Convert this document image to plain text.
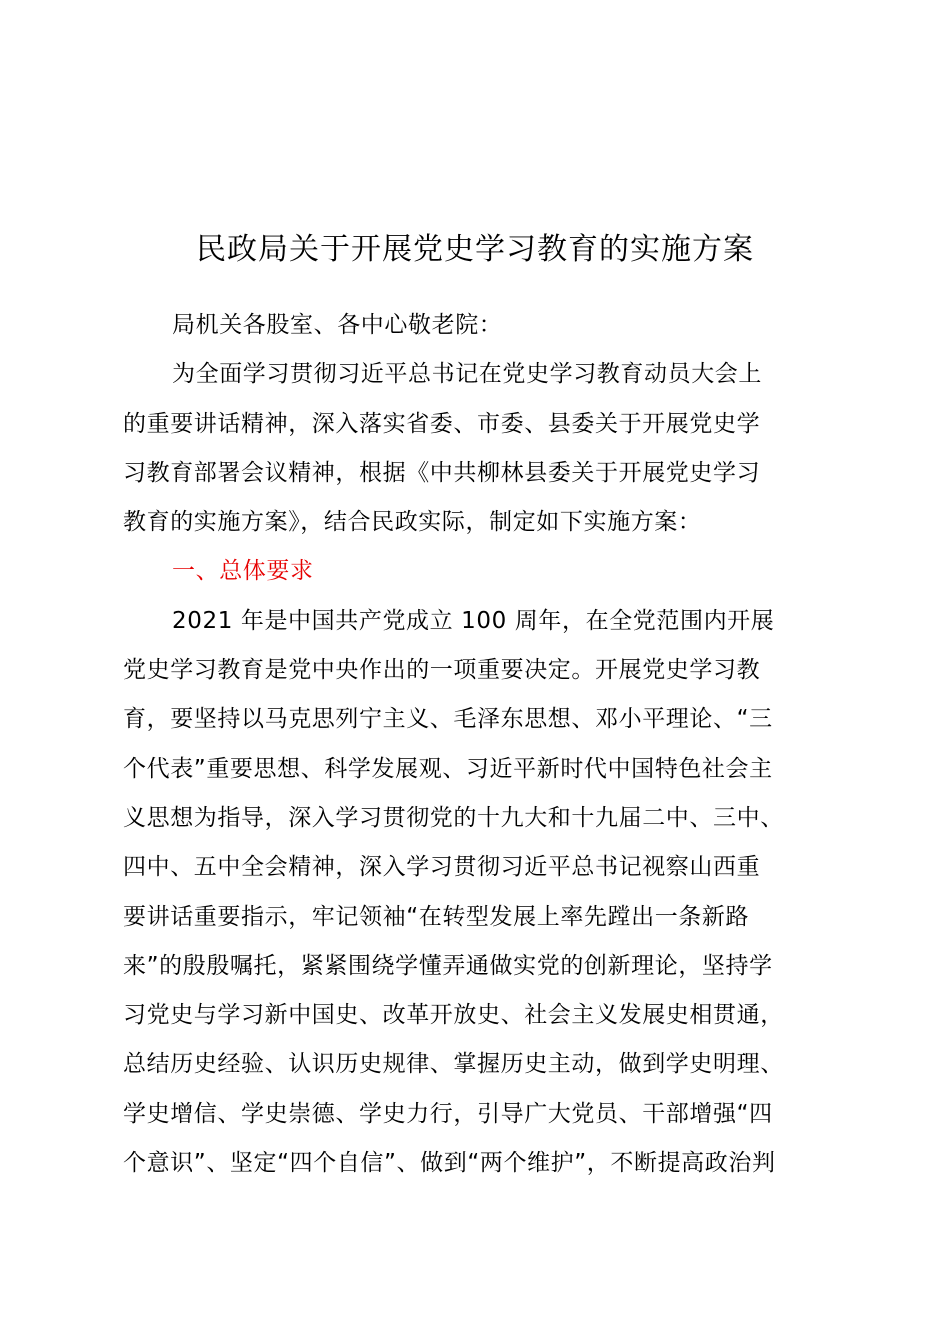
民政局关于开展党史学习教育的实施方案
局机关各股室、各中心敬老院：
为全面学习贯彻习近平总书记在党史学习教育动员大会上
的重要讲话精神，深入落实省委、市委、县委关于开展党史学
习教育部署会议精神，根据《中共柳林县委关于开展党史学习
教育的实施方案》，结合民政实际，制定如下实施方案：
一、总体要求
2021 年是中国共产党成立 100 周年，在全党范围内开展
党史学习教育是党中央作出的一项重要决定。开展党史学习教
育，要坚持以马克思列宁主义、毛泽东思想、邓小平理论、“三
个代表”重要思想、科学发展观、习近平新时代中国特色社会主
义思想为指导，深入学习贯彻党的十九大和十九届二中、三中、
四中、五中全会精神，深入学习贯彻习近平总书记视察山西重
要讲话重要指示，牢记领袖“在转型发展上率先蹚出一条新路
来”的殷殷嘱托，紧紧围绕学懂弄通做实党的创新理论，坚持学
习党史与学习新中国史、改革开放史、社会主义发展史相贯通，
总结历史经验、认识历史规律、掌握历史主动，做到学史明理、
学史增信、学史崇德、学史力行，引导广大党员、干部增强“四
个意识”、坚定“四个自信”、做到“两个维护”，不断提高政治判
